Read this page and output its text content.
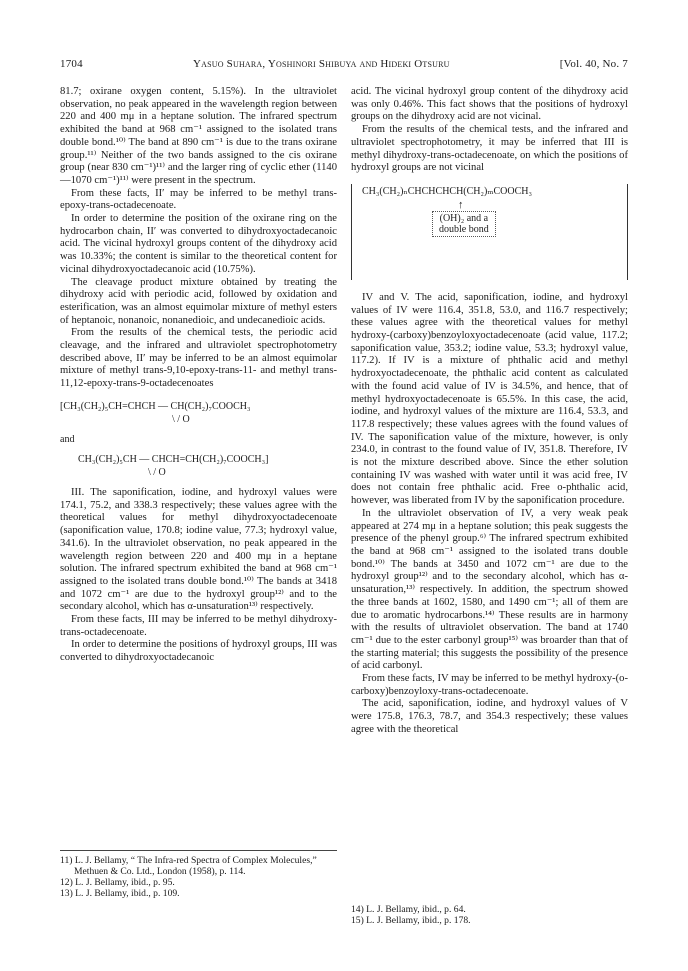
1704	Yasuo Suhara, Yoshinori Shibuya and Hideki Otsuru	[Vol. 40, No. 7

81.7; oxirane oxygen content, 5.15%). In the ultraviolet observation, no peak appeared in the wavelength region between 220 and 400 mμ in a heptane solution. The infrared spectrum exhibited the band at 968 cm⁻¹ assigned to the isolated trans double bond.¹⁰⁾ The band at 890 cm⁻¹ is due to the trans oxirane group.¹¹⁾ Neither of the two bands assigned to the cis oxirane group (near 830 cm⁻¹)¹¹⁾ and the larger ring of cyclic ether (1140—1070 cm⁻¹)¹¹⁾ were present in the spectrum.

From these facts, II′ may be inferred to be methyl trans-epoxy-trans-octadecenoate.

In order to determine the position of the oxirane ring on the hydrocarbon chain, II′ was converted to dihydroxyoctadecanoic acid. The vicinal hydroxyl groups content of the dihydroxy acid was 10.33%; the content is similar to the theoretical content for vicinal dihydroxyoctadecanoic acid (10.75%).

The cleavage product mixture obtained by treating the dihydroxy acid with periodic acid, followed by oxidation and esterification, was an almost equimolar mixture of methyl esters of heptanoic, nonanoic, nonanedioic, and undecanedioic acids.

From the results of the chemical tests, the periodic acid cleavage, and the infrared and ultraviolet spectrophotometry described above, II′ may be inferred to be an almost equimolar mixture of methyl trans-9,10-epoxy-trans-11- and methyl trans-11,12-epoxy-trans-9-octadecenoates

[CH₃(CH₂)₅CH=CHCH — CH(CH₂)₇COOCH₃
\ / O
and
CH₃(CH₂)₅CH — CHCH=CH(CH₂)₇COOCH₃]
\ / O

III. The saponification, iodine, and hydroxyl values were 174.1, 75.2, and 338.3 respectively; these values agree with the theoretical values for methyl dihydroxyoctadecenoate (saponification value, 170.8; iodine value, 77.3; hydroxyl value, 341.6). In the ultraviolet observation, no peak appeared in the wavelength region between 220 and 400 mμ in a heptane solution. The infrared spectrum exhibited the band at 968 cm⁻¹ assigned to the isolated trans double bond.¹⁰⁾ The bands at 3418 and 1072 cm⁻¹ are due to the hydroxyl group¹²⁾ and to the secondary alcohol, which has α-unsaturation¹³⁾ respectively.

From these facts, III may be inferred to be methyl dihydroxy-trans-octadecenoate.

In order to determine the positions of hydroxyl groups, III was converted to dihydroxyoctadecanoic

acid. The vicinal hydroxyl group content of the dihydroxy acid was only 0.46%. This fact shows that the positions of hydroxyl groups on the dihydroxy acid are not vicinal.

From the results of the chemical tests, and the infrared and ultraviolet spectrophotometry, it may be inferred that III is methyl dihydroxy-trans-octadecenoate, on which the positions of hydroxyl groups are not vicinal

CH₃(CH₂)ₙCHCHCHCH(CH₂)ₘCOOCH₃
↑
(OH)₂ and a
double bond

IV and V. The acid, saponification, iodine, and hydroxyl values of IV were 116.4, 351.8, 53.0, and 116.7 respectively; these values agree with the theoretical values for methyl hydroxy-(carboxy)benzoyloxyoctadecenoate (acid value, 117.2; saponification value, 353.2; iodine value, 53.3; hydroxyl value, 117.2). If IV is a mixture of phthalic acid and methyl hydroxyoctadecenoate, the phthalic acid content as calculated with the found acid value of IV is 34.5%, and hence, that of methyl hydroxyoctadecenoate is 65.5%. In this case, the acid, iodine, and hydroxyl values of the mixture are 116.4, 53.3, and 117.8 respectively; these values agrees with the found values of IV. The saponification value of the mixture, however, is only 234.0, in contrast to the found value of IV, 351.8. Therefore, IV is not the mixture described above. Since the ether solution containing IV was washed with water until it was acid free, IV does not contain free phthalic acid. Free o-phthalic acid, however, was liberated from IV by the saponification procedure.

In the ultraviolet observation of IV, a very weak peak appeared at 274 mμ in a heptane solution; this peak suggests the presence of the phenyl group.⁶⁾ The infrared spectrum exhibited the band at 968 cm⁻¹ assigned to the isolated trans double bond.¹⁰⁾ The bands at 3450 and 1072 cm⁻¹ are due to the hydroxyl group¹²⁾ and to the secondary alcohol, which has α-unsaturation,¹³⁾ respectively. In addition, the spectrum showed the three bands at 1602, 1580, and 1490 cm⁻¹; all of them are due to aromatic hydrocarbons.¹⁴⁾ These results are in harmony with the results of ultraviolet observation. The band at 1740 cm⁻¹ due to the ester carbonyl group¹⁵⁾ was broarder than that of the starting material; this suggests the possibility of the presence of acid carbonyl.

From these facts, IV may be inferred to be methyl hydroxy-(o-carboxy)benzoyloxy-trans-octadecenoate.

The acid, saponification, iodine, and hydroxyl values of V were 175.8, 176.3, 78.7, and 354.3 respectively; these values agree with the theoretical

11) L. J. Bellamy, “ The Infra-red Spectra of Complex Molecules,” Methuen & Co. Ltd., London (1958), p. 114.
12) L. J. Bellamy, ibid., p. 95.
13) L. J. Bellamy, ibid., p. 109.
14) L. J. Bellamy, ibid., p. 64.
15) L. J. Bellamy, ibid., p. 178.
